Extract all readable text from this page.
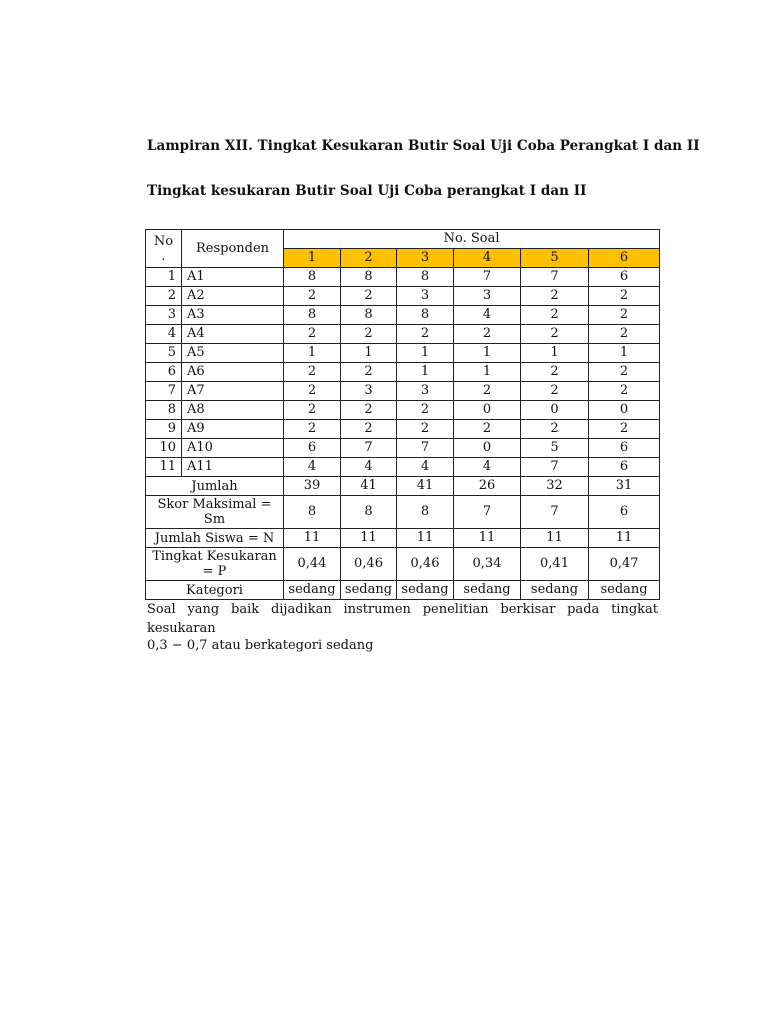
Lampiran XII. Tingkat Kesukaran Butir Soal Uji Coba Perangkat I dan II

Tingkat kesukaran Butir Soal Uji Coba perangkat I dan II

No
.	Responden	No. Soal					
		1	2	3	4	5	6
1	A1	8	8	8	7	7	6
2	A2	2	2	3	3	2	2
3	A3	8	8	8	4	2	2
4	A4	2	2	2	2	2	2
5	A5	1	1	1	1	1	1
6	A6	2	2	1	1	2	2
7	A7	2	3	3	2	2	2
8	A8	2	2	2	0	0	0
9	A9	2	2	2	2	2	2
10	A10	6	7	7	0	5	6
11	A11	4	4	4	4	7	6
Jumlah		39	41	41	26	32	31
Skor Maksimal = Sm		8	8	8	7	7	6
Jumlah Siswa = N		11	11	11	11	11	11
Tingkat Kesukaran = P		0,44	0,46	0,46	0,34	0,41	0,47
Kategori		sedang	sedang	sedang	sedang	sedang	sedang

Soal yang baik dijadikan instrumen penelitian berkisar pada tingkat kesukaran

0,3 − 0,7 atau berkategori sedang
